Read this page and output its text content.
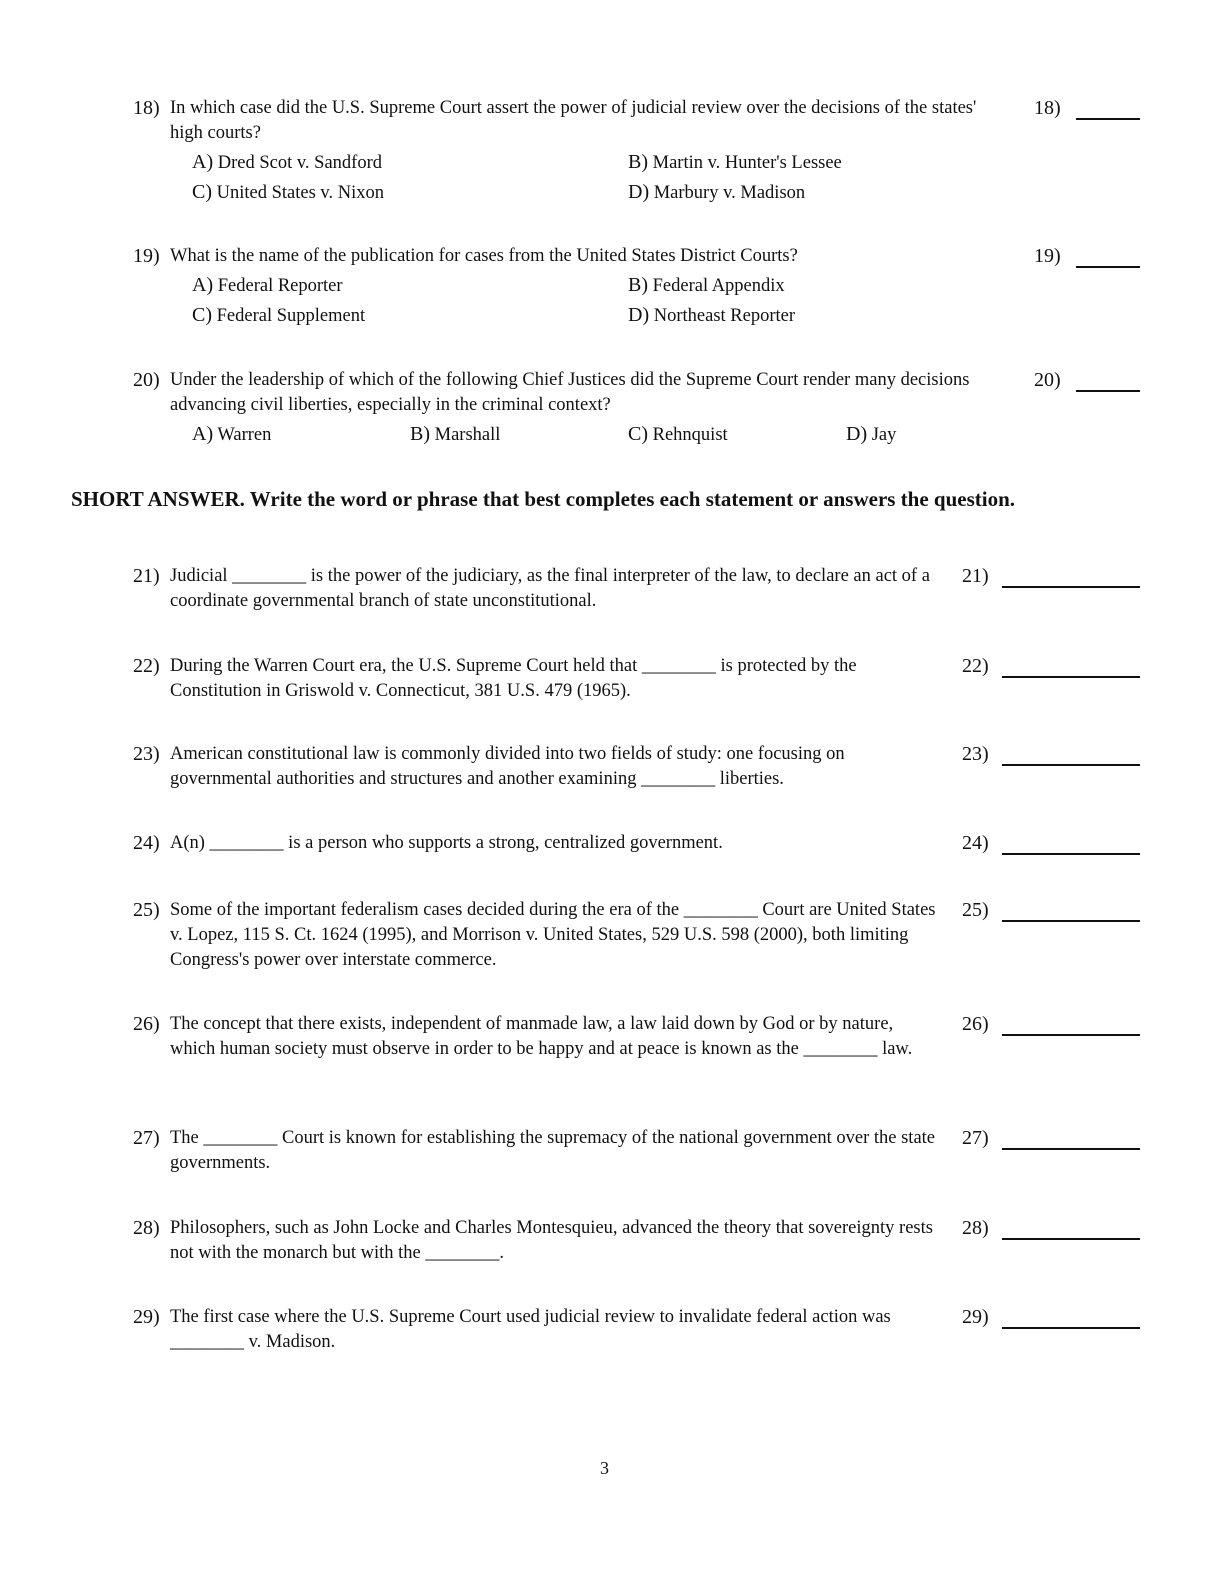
18) In which case did the U.S. Supreme Court assert the power of judicial review over the decisions of the states' high courts?
18)
A) Dred Scot v. Sandford	B) Martin v. Hunter's Lessee
C) United States v. Nixon	D) Marbury v. Madison
19) What is the name of the publication for cases from the United States District Courts?	19)
A) Federal Reporter	B) Federal Appendix
C) Federal Supplement	D) Northeast Reporter
20) Under the leadership of which of the following Chief Justices did the Supreme Court render many decisions advancing civil liberties, especially in the criminal context?
20)
A) Warren	B) Marshall	C) Rehnquist	D) Jay
SHORT ANSWER. Write the word or phrase that best completes each statement or answers the question.
21) Judicial ________ is the power of the judiciary, as the final interpreter of the law, to declare an act of a coordinate governmental branch of state unconstitutional.
21)
22) During the Warren Court era, the U.S. Supreme Court held that ________ is protected by the Constitution in Griswold v. Connecticut, 381 U.S. 479 (1965).
22)
23) American constitutional law is commonly divided into two fields of study: one focusing on governmental authorities and structures and another examining ________ liberties.
23)
24) A(n) ________ is a person who supports a strong, centralized government.	24)
25) Some of the important federalism cases decided during the era of the ________ Court are United States v. Lopez, 115 S. Ct. 1624 (1995), and Morrison v. United States, 529 U.S. 598 (2000), both limiting Congress's power over interstate commerce.
25)
26) The concept that there exists, independent of manmade law, a law laid down by God or by nature, which human society must observe in order to be happy and at peace is known as the ________ law.
26)
27) The ________ Court is known for establishing the supremacy of the national government over the state governments.
27)
28) Philosophers, such as John Locke and Charles Montesquieu, advanced the theory that sovereignty rests not with the monarch but with the ________.
28)
29) The first case where the U.S. Supreme Court used judicial review to invalidate federal action was ________ v. Madison.
29)
3
